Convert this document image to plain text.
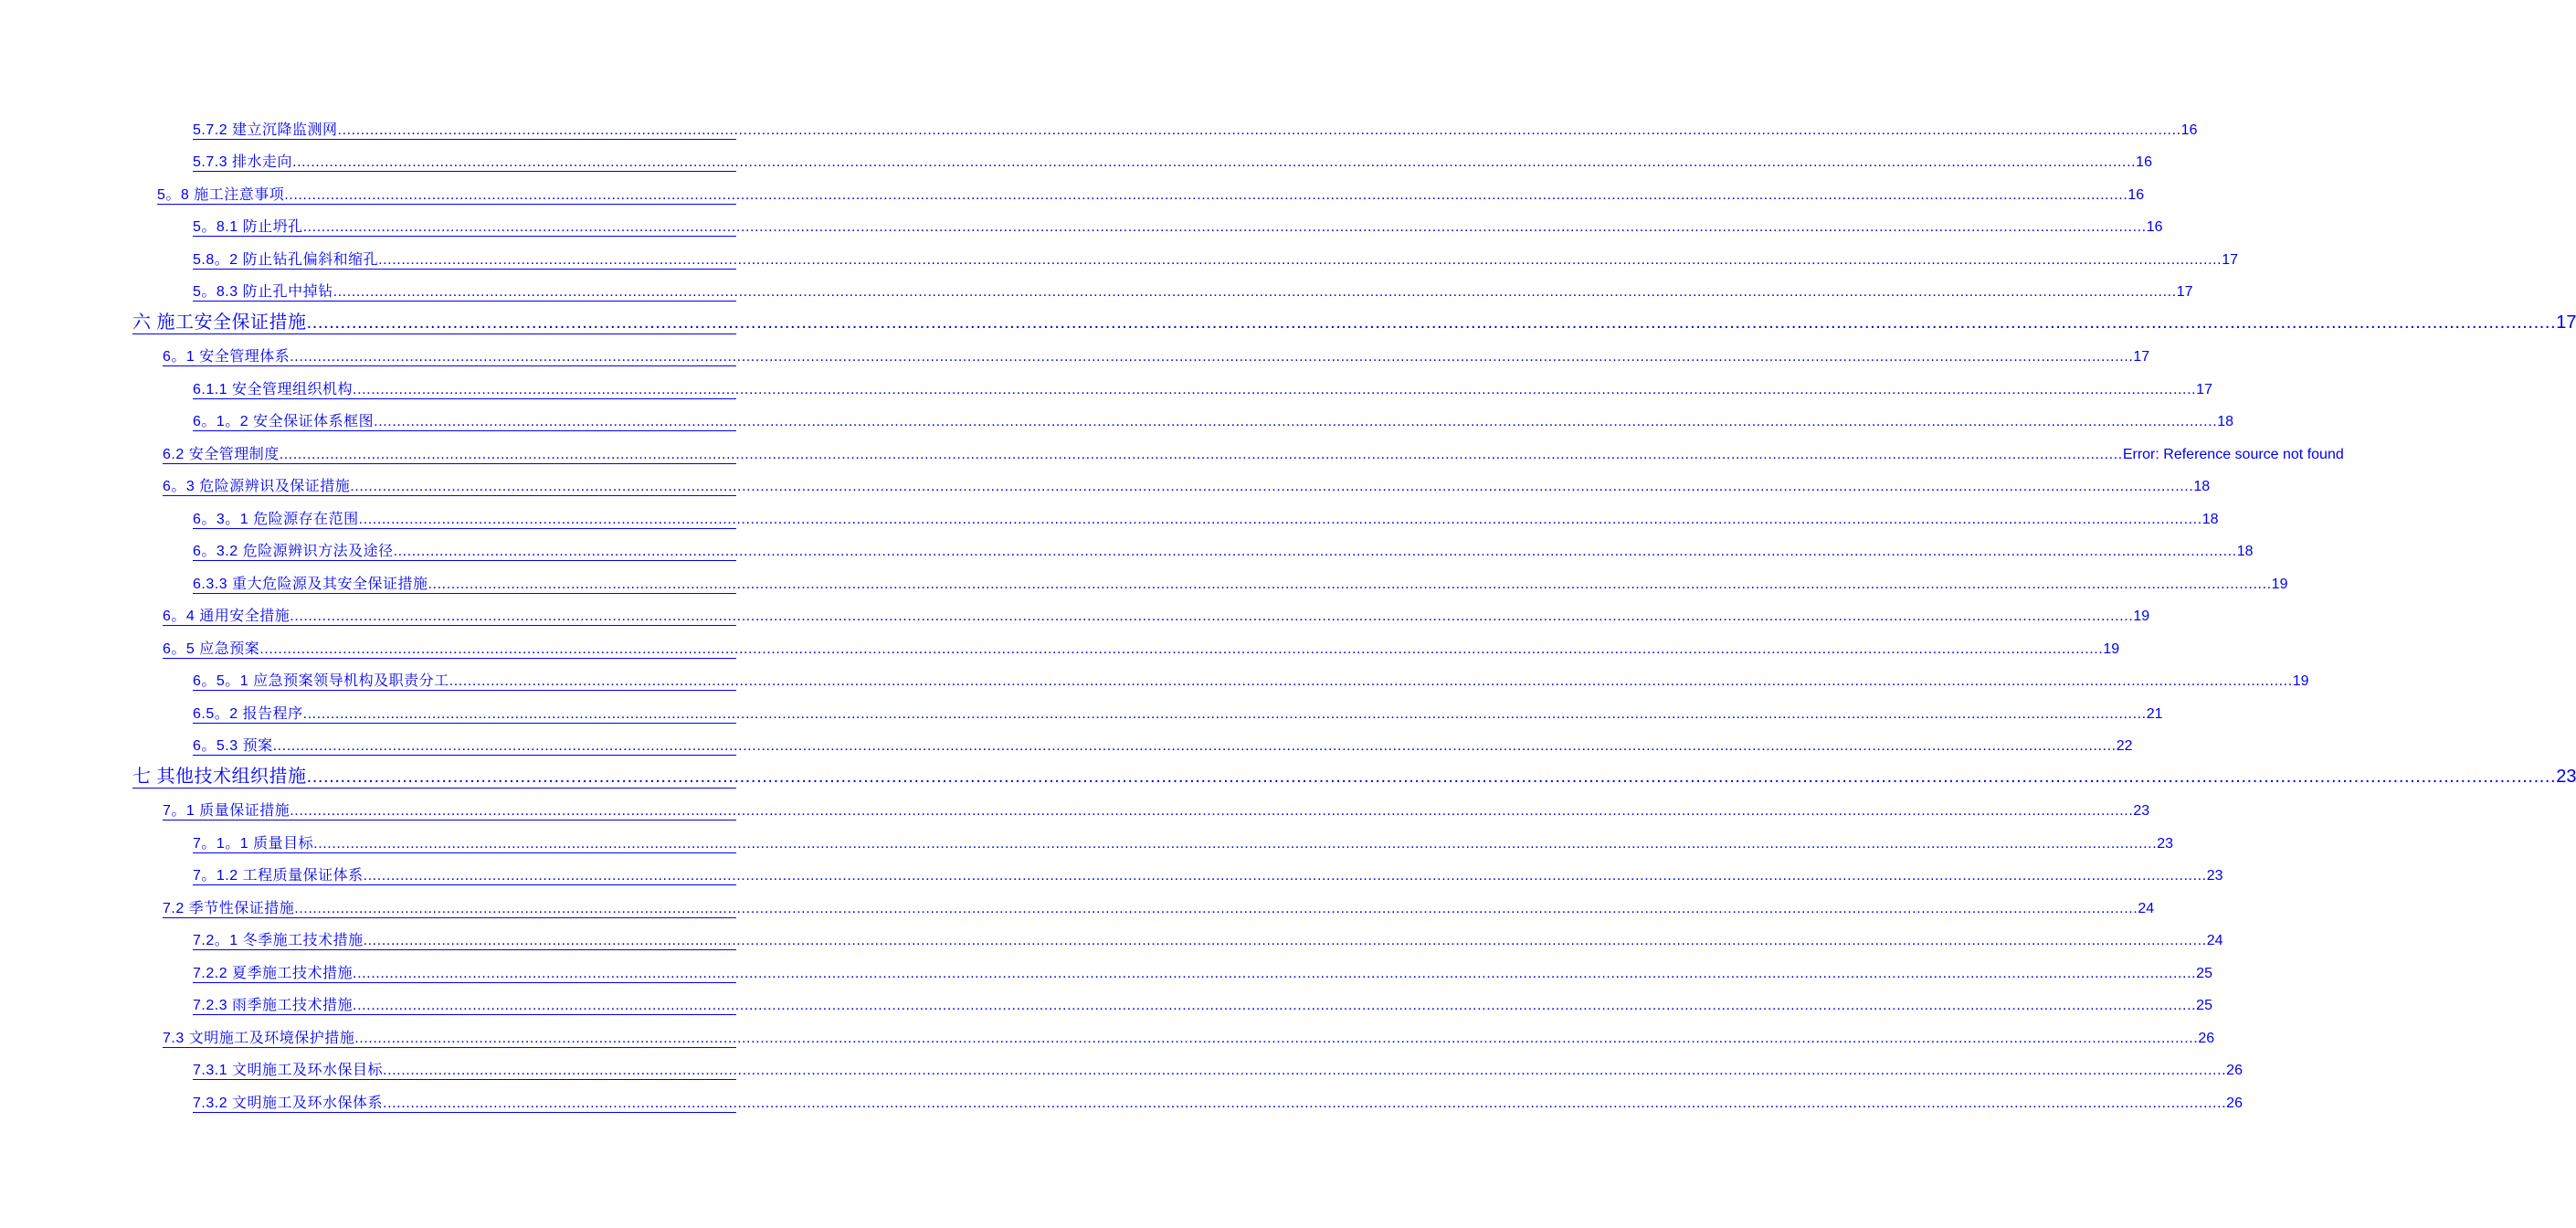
5.7.2 建立沉降监测网 ................................................................................................................................................................................................................................................................................................................................................................................................................ 16
5.7.3 排水走向 ................................................................................................................................................................................................................................................................................................................................................................................................................ 16
5。8 施工注意事项 ................................................................................................................................................................................................................................................................................................................................................................................................................ 16
5。8.1 防止坍孔 ................................................................................................................................................................................................................................................................................................................................................................................................................ 16
5.8。2 防止钻孔偏斜和缩孔 ................................................................................................................................................................................................................................................................................................................................................................................................................ 17
5。8.3 防止孔中掉钻 ................................................................................................................................................................................................................................................................................................................................................................................................................ 17
六 施工安全保证措施 ................................................................................................................................................................................................................................................................................................................................................................................................................ 17
6。1 安全管理体系 ................................................................................................................................................................................................................................................................................................................................................................................................................ 17
6.1.1 安全管理组织机构 ................................................................................................................................................................................................................................................................................................................................................................................................................ 17
6。1。2 安全保证体系框图 ................................................................................................................................................................................................................................................................................................................................................................................................................ 18
6.2 安全管理制度 ................................................................................................................................................................................................................................................................................................................................................................................................................ Error: Reference source not found
6。3 危险源辨识及保证措施 ................................................................................................................................................................................................................................................................................................................................................................................................................ 18
6。3。1 危险源存在范围 ................................................................................................................................................................................................................................................................................................................................................................................................................ 18
6。3.2 危险源辨识方法及途径 ................................................................................................................................................................................................................................................................................................................................................................................................................ 18
6.3.3 重大危险源及其安全保证措施 ................................................................................................................................................................................................................................................................................................................................................................................................................ 19
6。4 通用安全措施 ................................................................................................................................................................................................................................................................................................................................................................................................................ 19
6。5 应急预案 ................................................................................................................................................................................................................................................................................................................................................................................................................ 19
6。5。1 应急预案领导机构及职责分工 ................................................................................................................................................................................................................................................................................................................................................................................................................ 19
6.5。2 报告程序 ................................................................................................................................................................................................................................................................................................................................................................................................................ 21
6。5.3 预案 ................................................................................................................................................................................................................................................................................................................................................................................................................ 22
七 其他技术组织措施 ................................................................................................................................................................................................................................................................................................................................................................................................................ 23
7。1 质量保证措施 ................................................................................................................................................................................................................................................................................................................................................................................................................ 23
7。1。1 质量目标 ................................................................................................................................................................................................................................................................................................................................................................................................................ 23
7。1.2 工程质量保证体系 ................................................................................................................................................................................................................................................................................................................................................................................................................ 23
7.2 季节性保证措施 ................................................................................................................................................................................................................................................................................................................................................................................................................ 24
7.2。1 冬季施工技术措施 ................................................................................................................................................................................................................................................................................................................................................................................................................ 24
7.2.2 夏季施工技术措施 ................................................................................................................................................................................................................................................................................................................................................................................................................ 25
7.2.3 雨季施工技术措施 ................................................................................................................................................................................................................................................................................................................................................................................................................ 25
7.3 文明施工及环境保护措施 ................................................................................................................................................................................................................................................................................................................................................................................................................ 26
7.3.1 文明施工及环水保目标 ................................................................................................................................................................................................................................................................................................................................................................................................................ 26
7.3.2 文明施工及环水保体系 ................................................................................................................................................................................................................................................................................................................................................................................................................ 26
